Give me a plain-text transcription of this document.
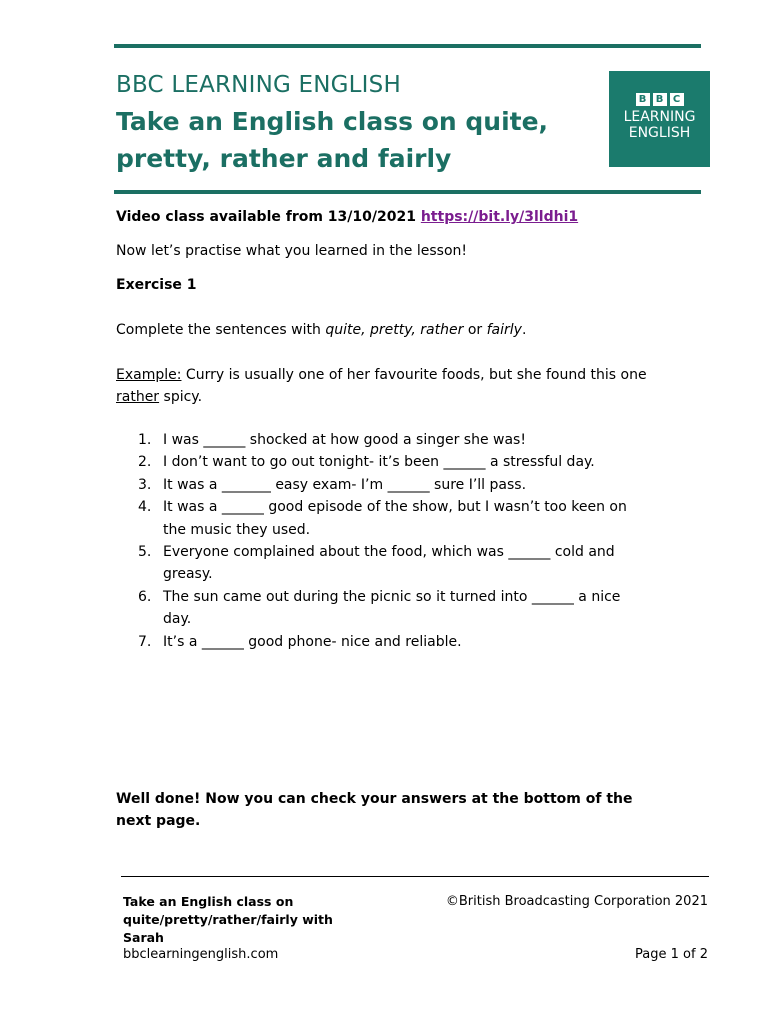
BBC LEARNING ENGLISH
Take an English class on quite, pretty, rather and fairly
B B C
LEARNING
ENGLISH
Video class available from 13/10/2021 https://bit.ly/3lldhi1
Now let’s practise what you learned in the lesson!
Exercise 1
Complete the sentences with quite, pretty, rather or fairly.
Example: Curry is usually one of her favourite foods, but she found this one
rather spicy.
1. I was ______ shocked at how good a singer she was!
2. I don’t want to go out tonight- it’s been ______ a stressful day.
3. It was a _______ easy exam- I’m ______ sure I’ll pass.
4. It was a ______ good episode of the show, but I wasn’t too keen on the music they used.
5. Everyone complained about the food, which was ______ cold and greasy.
6. The sun came out during the picnic so it turned into ______ a nice day.
7. It’s a ______ good phone- nice and reliable.
Well done! Now you can check your answers at the bottom of the next page.
Take an English class on quite/pretty/rather/fairly with Sarah
bbclearningenglish.com
©British Broadcasting Corporation 2021
Page 1 of 2
